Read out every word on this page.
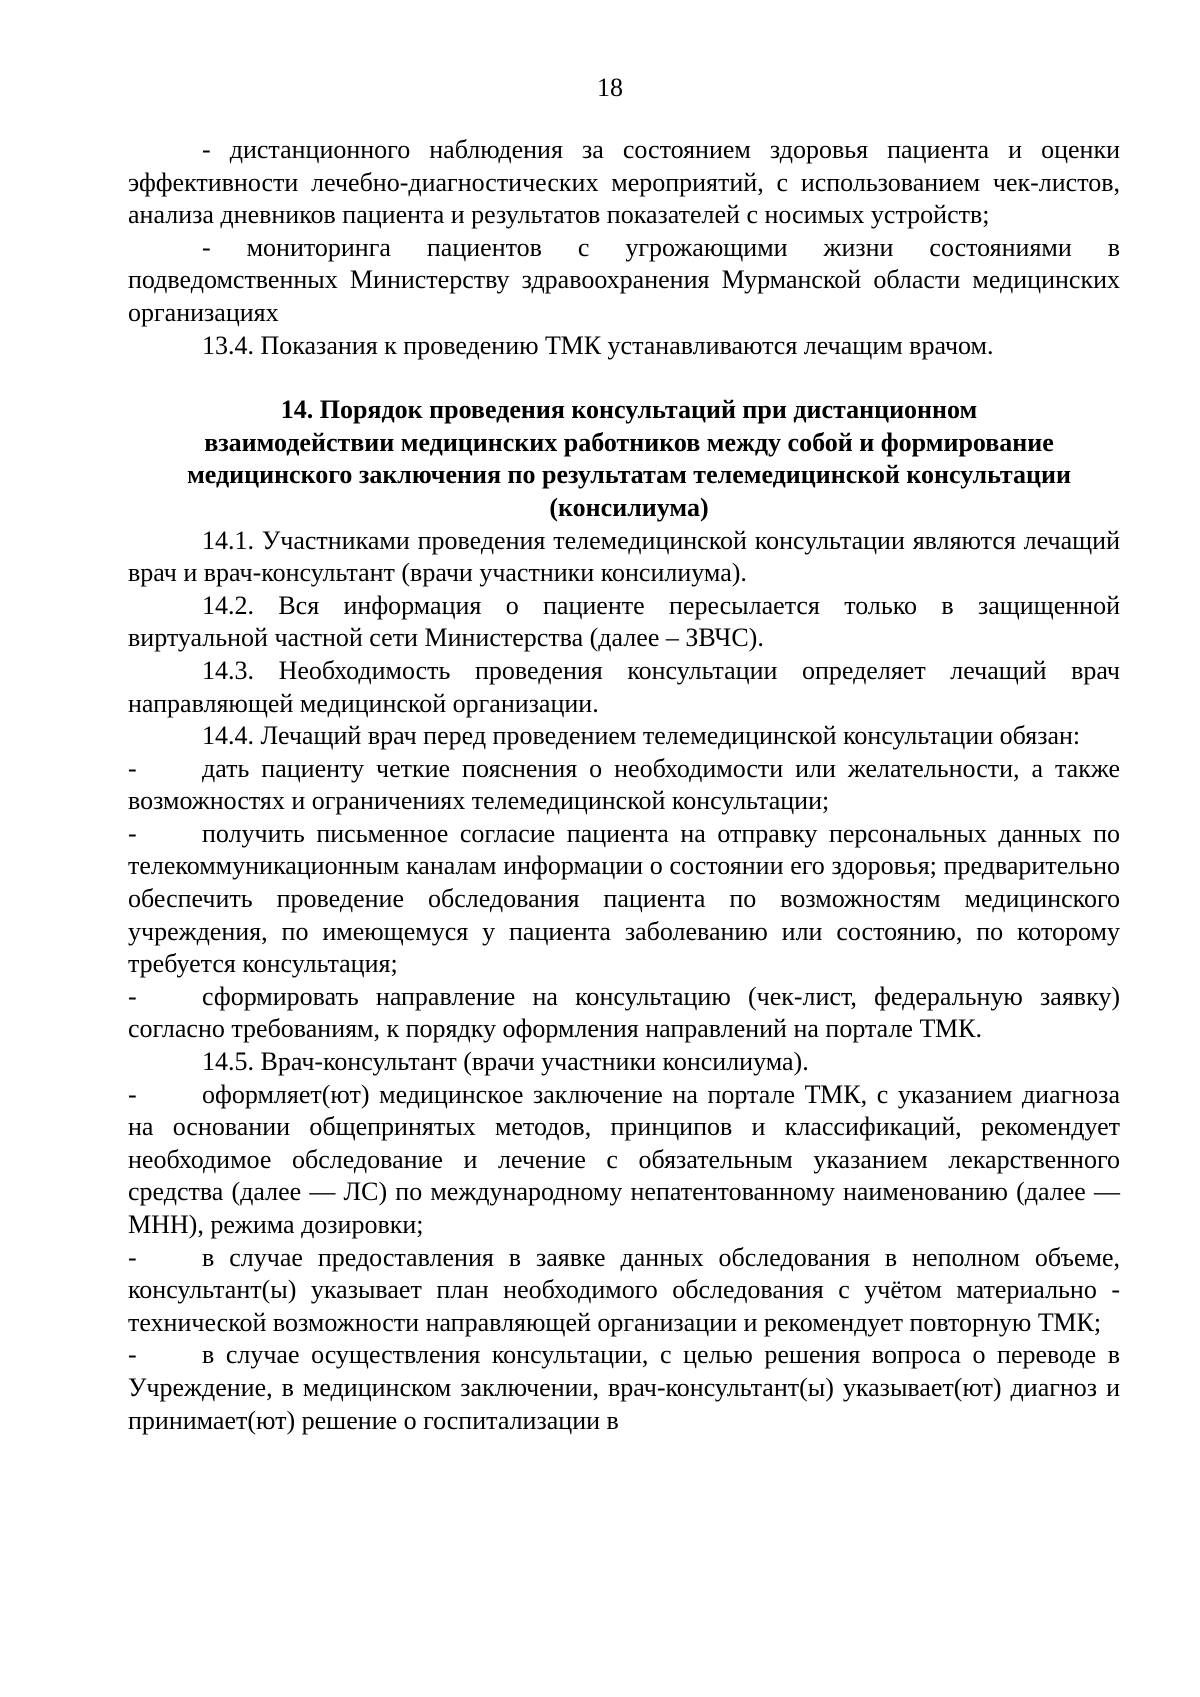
18

- дистанционного наблюдения за состоянием здоровья пациента и оценки эффективности лечебно-диагностических мероприятий, с использованием чек-листов, анализа дневников пациента и результатов показателей с носимых устройств;

- мониторинга пациентов с угрожающими жизни состояниями в подведомственных Министерству здравоохранения Мурманской области медицинских организациях

13.4. Показания к проведению ТМК устанавливаются лечащим врачом.

14. Порядок проведения консультаций при дистанционном
взаимодействии медицинских работников между собой и формирование
медицинского заключения по результатам телемедицинской консультации
(консилиума)

14.1. Участниками проведения телемедицинской консультации являются лечащий врач и врач-консультант (врачи участники консилиума).

14.2. Вся информация о пациенте пересылается только в защищенной виртуальной частной сети Министерства (далее – ЗВЧС).

14.3. Необходимость проведения консультации определяет лечащий врач направляющей медицинской организации.

14.4. Лечащий врач перед проведением телемедицинской консультации обязан:

-	дать пациенту четкие пояснения о необходимости или желательности, а также возможностях и ограничениях телемедицинской консультации;

-	получить письменное согласие пациента на отправку персональных данных по телекоммуникационным каналам информации о состоянии его здоровья; предварительно обеспечить проведение обследования пациента по возможностям медицинского учреждения, по имеющемуся у пациента заболеванию или состоянию, по которому требуется консультация;

-	сформировать направление на консультацию (чек-лист, федеральную заявку) согласно требованиям, к порядку оформления направлений на портале ТМК.

14.5. Врач-консультант (врачи участники консилиума).

-	оформляет(ют) медицинское заключение на портале ТМК, с указанием диагноза на основании общепринятых методов, принципов и классификаций, рекомендует необходимое обследование и лечение с обязательным указанием лекарственного средства (далее — ЛС) по международному непатентованному наименованию (далее — МНН), режима дозировки;

-	в случае предоставления в заявке данных обследования в неполном объеме, консультант(ы) указывает план необходимого обследования с учётом материально - технической возможности направляющей организации и рекомендует повторную ТМК;

-	в случае осуществления консультации, с целью решения вопроса о переводе в Учреждение, в медицинском заключении, врач-консультант(ы) указывает(ют) диагноз и принимает(ют) решение о госпитализации в
